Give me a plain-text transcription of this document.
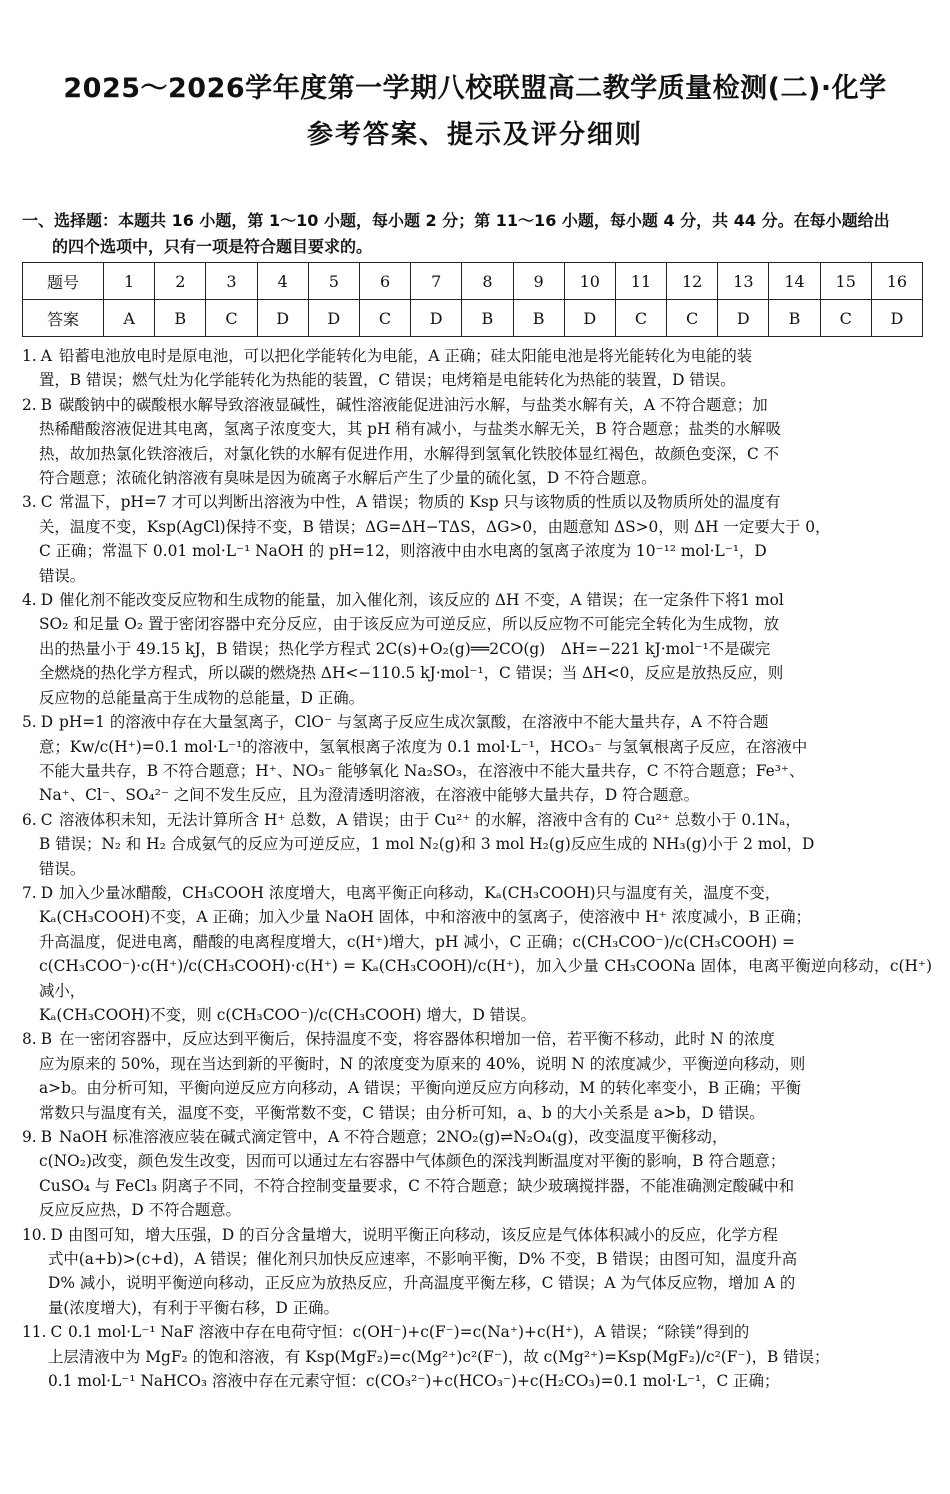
2025～2026学年度第一学期八校联盟高二教学质量检测(二)·化学
参考答案、提示及评分细则
一、选择题：本题共 16 小题，第 1～10 小题，每小题 2 分；第 11～16 小题，每小题 4 分，共 44 分。在每小题给出
的四个选项中，只有一项是符合题目要求的。
题号	1	2	3	4	5	6	7	8	9	10	11	12	13	14	15	16
答案	A	B	C	D	D	C	D	B	B	D	C	C	D	B	C	D
1. A 铅蓄电池放电时是原电池，可以把化学能转化为电能，A 正确；硅太阳能电池是将光能转化为电能的装

置，B 错误；燃气灶为化学能转化为热能的装置，C 错误；电烤箱是电能转化为热能的装置，D 错误。

2. B 碳酸钠中的碳酸根水解导致溶液显碱性，碱性溶液能促进油污水解，与盐类水解有关，A 不符合题意；加

热稀醋酸溶液促进其电离，氢离子浓度变大，其 pH 稍有减小，与盐类水解无关，B 符合题意；盐类的水解吸

热，故加热氯化铁溶液后，对氯化铁的水解有促进作用，水解得到氢氧化铁胶体显红褐色，故颜色变深，C 不

符合题意；浓硫化钠溶液有臭味是因为硫离子水解后产生了少量的硫化氢，D 不符合题意。

3. C 常温下，pH=7 才可以判断出溶液为中性，A 错误；物质的 Ksp 只与该物质的性质以及物质所处的温度有

关，温度不变，Ksp(AgCl)保持不变，B 错误；ΔG=ΔH−TΔS，ΔG>0，由题意知 ΔS>0，则 ΔH 一定要大于 0，

C 正确；常温下 0.01 mol·L⁻¹ NaOH 的 pH=12，则溶液中由水电离的氢离子浓度为 10⁻¹² mol·L⁻¹，D

错误。

4. D 催化剂不能改变反应物和生成物的能量，加入催化剂，该反应的 ΔH 不变，A 错误；在一定条件下将1 mol

SO₂ 和足量 O₂ 置于密闭容器中充分反应，由于该反应为可逆反应，所以反应物不可能完全转化为生成物，放

出的热量小于 49.15 kJ，B 错误；热化学方程式 2C(s)+O₂(g)══2CO(g)　ΔH=−221 kJ·mol⁻¹不是碳完

全燃烧的热化学方程式，所以碳的燃烧热 ΔH<−110.5 kJ·mol⁻¹，C 错误；当 ΔH<0，反应是放热反应，则

反应物的总能量高于生成物的总能量，D 正确。

5. D pH=1 的溶液中存在大量氢离子，ClO⁻ 与氢离子反应生成次氯酸，在溶液中不能大量共存，A 不符合题

意；Kw/c(H⁺)=0.1 mol·L⁻¹的溶液中，氢氧根离子浓度为 0.1 mol·L⁻¹，HCO₃⁻ 与氢氧根离子反应，在溶液中

不能大量共存，B 不符合题意；H⁺、NO₃⁻ 能够氧化 Na₂SO₃，在溶液中不能大量共存，C 不符合题意；Fe³⁺、

Na⁺、Cl⁻、SO₄²⁻ 之间不发生反应，且为澄清透明溶液，在溶液中能够大量共存，D 符合题意。

6. C 溶液体积未知，无法计算所含 H⁺ 总数，A 错误；由于 Cu²⁺ 的水解，溶液中含有的 Cu²⁺ 总数小于 0.1Nₐ，

B 错误；N₂ 和 H₂ 合成氨气的反应为可逆反应，1 mol N₂(g)和 3 mol H₂(g)反应生成的 NH₃(g)小于 2 mol，D

错误。

7. D 加入少量冰醋酸，CH₃COOH 浓度增大，电离平衡正向移动，Kₐ(CH₃COOH)只与温度有关，温度不变，

Kₐ(CH₃COOH)不变，A 正确；加入少量 NaOH 固体，中和溶液中的氢离子，使溶液中 H⁺ 浓度减小，B 正确；

升高温度，促进电离，醋酸的电离程度增大，c(H⁺)增大，pH 减小，C 正确；c(CH₃COO⁻)/c(CH₃COOH) =

c(CH₃COO⁻)·c(H⁺)/c(CH₃COOH)·c(H⁺) = Kₐ(CH₃COOH)/c(H⁺)，加入少量 CH₃COONa 固体，电离平衡逆向移动，c(H⁺)减小，

Kₐ(CH₃COOH)不变，则 c(CH₃COO⁻)/c(CH₃COOH) 增大，D 错误。

8. B 在一密闭容器中，反应达到平衡后，保持温度不变，将容器体积增加一倍，若平衡不移动，此时 N 的浓度

应为原来的 50%，现在当达到新的平衡时，N 的浓度变为原来的 40%，说明 N 的浓度减少，平衡逆向移动，则

a>b。由分析可知，平衡向逆反应方向移动，A 错误；平衡向逆反应方向移动，M 的转化率变小，B 正确；平衡

常数只与温度有关，温度不变，平衡常数不变，C 错误；由分析可知，a、b 的大小关系是 a>b，D 错误。

9. B NaOH 标准溶液应装在碱式滴定管中，A 不符合题意；2NO₂(g)⇌N₂O₄(g)，改变温度平衡移动，

c(NO₂)改变，颜色发生改变，因而可以通过左右容器中气体颜色的深浅判断温度对平衡的影响，B 符合题意；

CuSO₄ 与 FeCl₃ 阴离子不同，不符合控制变量要求，C 不符合题意；缺少玻璃搅拌器，不能准确测定酸碱中和

反应反应热，D 不符合题意。

10. D 由图可知，增大压强，D 的百分含量增大，说明平衡正向移动，该反应是气体体积减小的反应，化学方程

式中(a+b)>(c+d)，A 错误；催化剂只加快反应速率，不影响平衡，D% 不变，B 错误；由图可知，温度升高

D% 减小，说明平衡逆向移动，正反应为放热反应，升高温度平衡左移，C 错误；A 为气体反应物，增加 A 的

量(浓度增大)，有利于平衡右移，D 正确。

11. C 0.1 mol·L⁻¹ NaF 溶液中存在电荷守恒：c(OH⁻)+c(F⁻)=c(Na⁺)+c(H⁺)，A 错误；“除镁”得到的

上层清液中为 MgF₂ 的饱和溶液，有 Ksp(MgF₂)=c(Mg²⁺)c²(F⁻)，故 c(Mg²⁺)=Ksp(MgF₂)/c²(F⁻)，B 错误；

0.1 mol·L⁻¹ NaHCO₃ 溶液中存在元素守恒：c(CO₃²⁻)+c(HCO₃⁻)+c(H₂CO₃)=0.1 mol·L⁻¹，C 正确；
